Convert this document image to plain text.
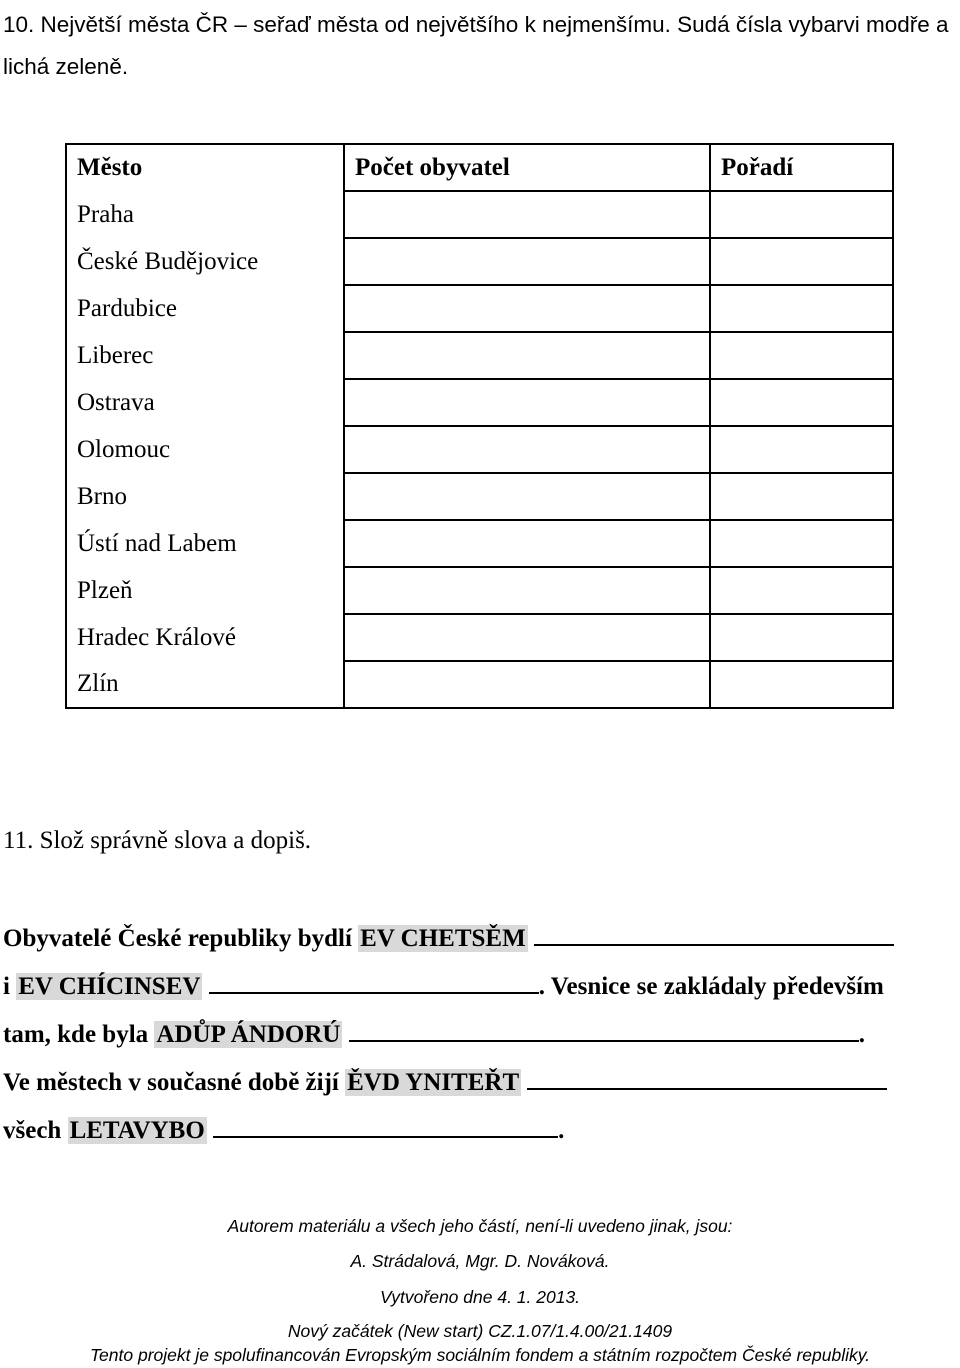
10. Největší města ČR – seřaď města od největšího k nejmenšímu. Sudá čísla vybarvi modře a lichá zeleně.
Město	Počet obyvatel	Pořadí
Praha		
České Budějovice		
Pardubice		
Liberec		
Ostrava		
Olomouc		
Brno		
Ústí nad Labem		
Plzeň		
Hradec Králové		
Zlín		
11. Slož správně slova a dopiš.
Obyvatelé České republiky bydlí EV CHETSĚM
i EV CHÍCINSEV	. Vesnice se zakládaly především
tam, kde byla ADŮP ÁNDORÚ	.
Ve městech v současné době žijí ĚVD YNITEŘT
všech LETAVYBO	.
Autorem materiálu a všech jeho částí, není-li uvedeno jinak, jsou:
A. Strádalová, Mgr. D. Nováková.
Vytvořeno dne 4. 1. 2013.
Nový začátek (New start) CZ.1.07/1.4.00/21.1409
Tento projekt je spolufinancován Evropským sociálním fondem a státním rozpočtem České republiky.
